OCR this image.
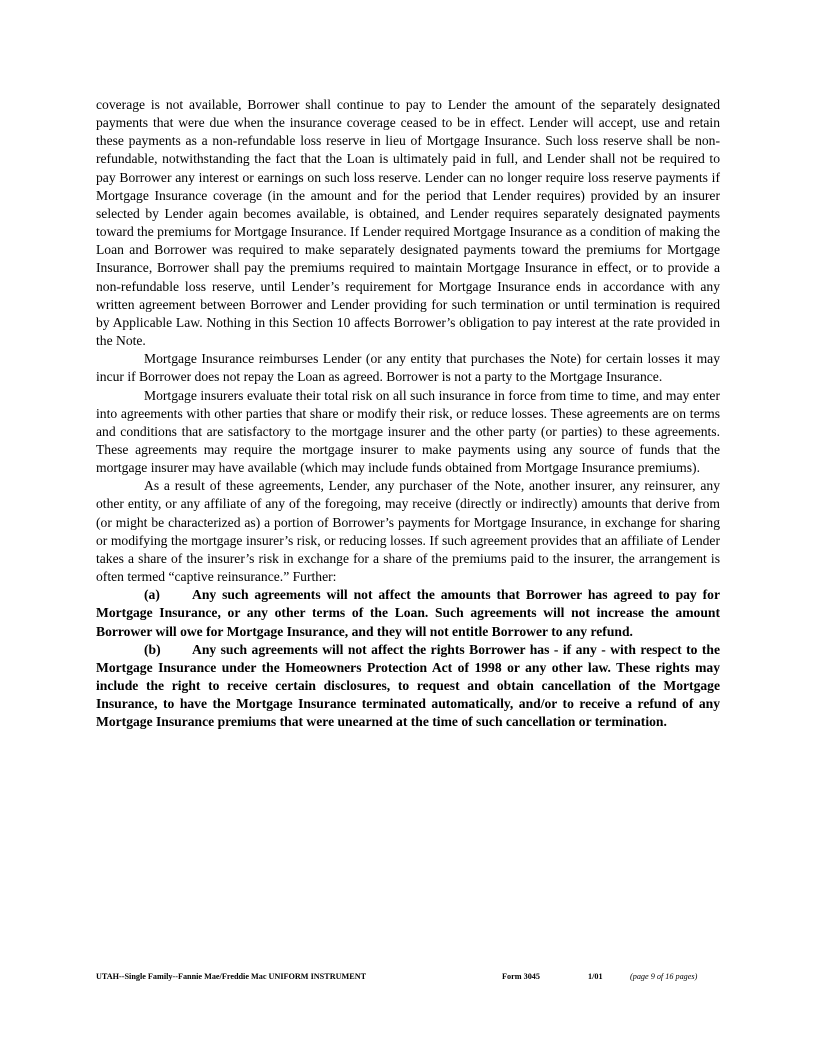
coverage is not available, Borrower shall continue to pay to Lender the amount of the separately designated payments that were due when the insurance coverage ceased to be in effect. Lender will accept, use and retain these payments as a non-refundable loss reserve in lieu of Mortgage Insurance. Such loss reserve shall be non-refundable, notwithstanding the fact that the Loan is ultimately paid in full, and Lender shall not be required to pay Borrower any interest or earnings on such loss reserve. Lender can no longer require loss reserve payments if Mortgage Insurance coverage (in the amount and for the period that Lender requires) provided by an insurer selected by Lender again becomes available, is obtained, and Lender requires separately designated payments toward the premiums for Mortgage Insurance. If Lender required Mortgage Insurance as a condition of making the Loan and Borrower was required to make separately designated payments toward the premiums for Mortgage Insurance, Borrower shall pay the premiums required to maintain Mortgage Insurance in effect, or to provide a non-refundable loss reserve, until Lender’s requirement for Mortgage Insurance ends in accordance with any written agreement between Borrower and Lender providing for such termination or until termination is required by Applicable Law. Nothing in this Section 10 affects Borrower’s obligation to pay interest at the rate provided in the Note.

Mortgage Insurance reimburses Lender (or any entity that purchases the Note) for certain losses it may incur if Borrower does not repay the Loan as agreed. Borrower is not a party to the Mortgage Insurance.

Mortgage insurers evaluate their total risk on all such insurance in force from time to time, and may enter into agreements with other parties that share or modify their risk, or reduce losses. These agreements are on terms and conditions that are satisfactory to the mortgage insurer and the other party (or parties) to these agreements. These agreements may require the mortgage insurer to make payments using any source of funds that the mortgage insurer may have available (which may include funds obtained from Mortgage Insurance premiums).

As a result of these agreements, Lender, any purchaser of the Note, another insurer, any reinsurer, any other entity, or any affiliate of any of the foregoing, may receive (directly or indirectly) amounts that derive from (or might be characterized as) a portion of Borrower’s payments for Mortgage Insurance, in exchange for sharing or modifying the mortgage insurer’s risk, or reducing losses. If such agreement provides that an affiliate of Lender takes a share of the insurer’s risk in exchange for a share of the premiums paid to the insurer, the arrangement is often termed “captive reinsurance.” Further:

(a) Any such agreements will not affect the amounts that Borrower has agreed to pay for Mortgage Insurance, or any other terms of the Loan. Such agreements will not increase the amount Borrower will owe for Mortgage Insurance, and they will not entitle Borrower to any refund.

(b) Any such agreements will not affect the rights Borrower has - if any - with respect to the Mortgage Insurance under the Homeowners Protection Act of 1998 or any other law. These rights may include the right to receive certain disclosures, to request and obtain cancellation of the Mortgage Insurance, to have the Mortgage Insurance terminated automatically, and/or to receive a refund of any Mortgage Insurance premiums that were unearned at the time of such cancellation or termination.

UTAH--Single Family--Fannie Mae/Freddie Mac UNIFORM INSTRUMENT	Form 3045	1/01	(page 9 of 16 pages)
